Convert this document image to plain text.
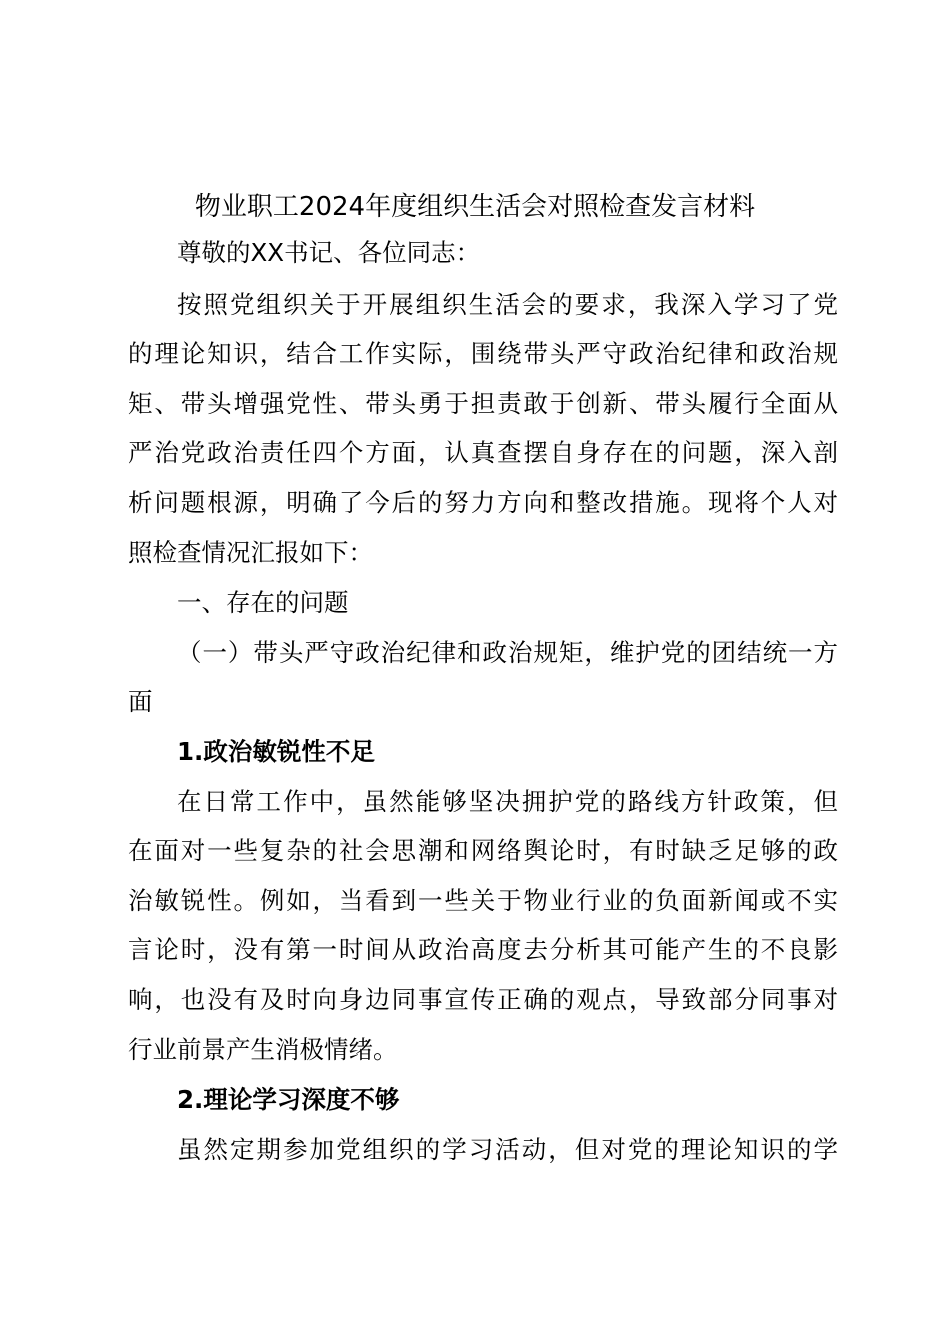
物业职工2024年度组织生活会对照检查发言材料
尊敬的XX书记、各位同志：
按照党组织关于开展组织生活会的要求，我深入学习了党
的理论知识，结合工作实际，围绕带头严守政治纪律和政治规
矩、带头增强党性、带头勇于担责敢于创新、带头履行全面从
严治党政治责任四个方面，认真查摆自身存在的问题，深入剖
析问题根源，明确了今后的努力方向和整改措施。现将个人对
照检查情况汇报如下：
一、存在的问题
（一）带头严守政治纪律和政治规矩，维护党的团结统一方
面
1.政治敏锐性不足
在日常工作中，虽然能够坚决拥护党的路线方针政策，但
在面对一些复杂的社会思潮和网络舆论时，有时缺乏足够的政
治敏锐性。例如，当看到一些关于物业行业的负面新闻或不实
言论时，没有第一时间从政治高度去分析其可能产生的不良影
响，也没有及时向身边同事宣传正确的观点，导致部分同事对
行业前景产生消极情绪。
2.理论学习深度不够
虽然定期参加党组织的学习活动，但对党的理论知识的学
